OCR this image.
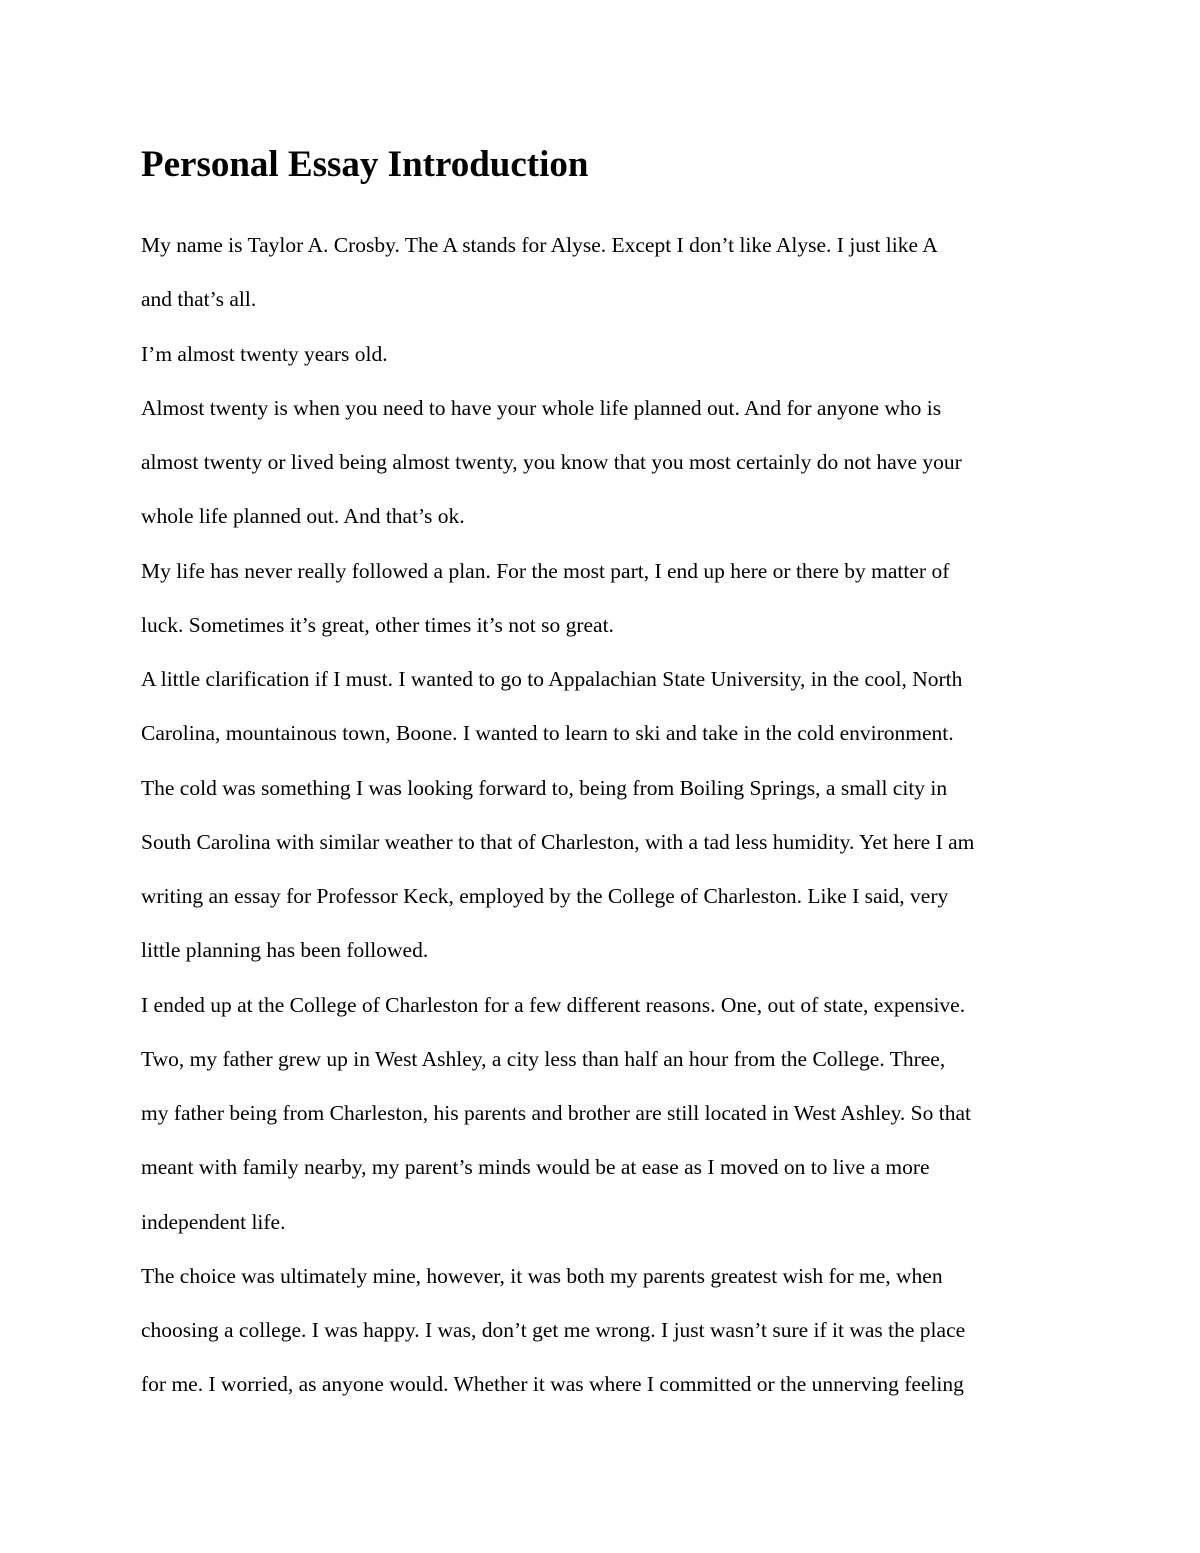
Personal Essay Introduction
My name is Taylor A. Crosby. The A stands for Alyse. Except I don’t like Alyse. I just like A
and that’s all.
I’m almost twenty years old.
Almost twenty is when you need to have your whole life planned out. And for anyone who is
almost twenty or lived being almost twenty, you know that you most certainly do not have your
whole life planned out. And that’s ok.
My life has never really followed a plan. For the most part, I end up here or there by matter of
luck. Sometimes it’s great, other times it’s not so great.
A little clarification if I must. I wanted to go to Appalachian State University, in the cool, North
Carolina, mountainous town, Boone. I wanted to learn to ski and take in the cold environment.
The cold was something I was looking forward to, being from Boiling Springs, a small city in
South Carolina with similar weather to that of Charleston, with a tad less humidity. Yet here I am
writing an essay for Professor Keck, employed by the College of Charleston. Like I said, very
little planning has been followed.
I ended up at the College of Charleston for a few different reasons. One, out of state, expensive.
Two, my father grew up in West Ashley, a city less than half an hour from the College. Three,
my father being from Charleston, his parents and brother are still located in West Ashley. So that
meant with family nearby, my parent’s minds would be at ease as I moved on to live a more
independent life.
The choice was ultimately mine, however, it was both my parents greatest wish for me, when
choosing a college. I was happy. I was, don’t get me wrong. I just wasn’t sure if it was the place
for me. I worried, as anyone would. Whether it was where I committed or the unnerving feeling
